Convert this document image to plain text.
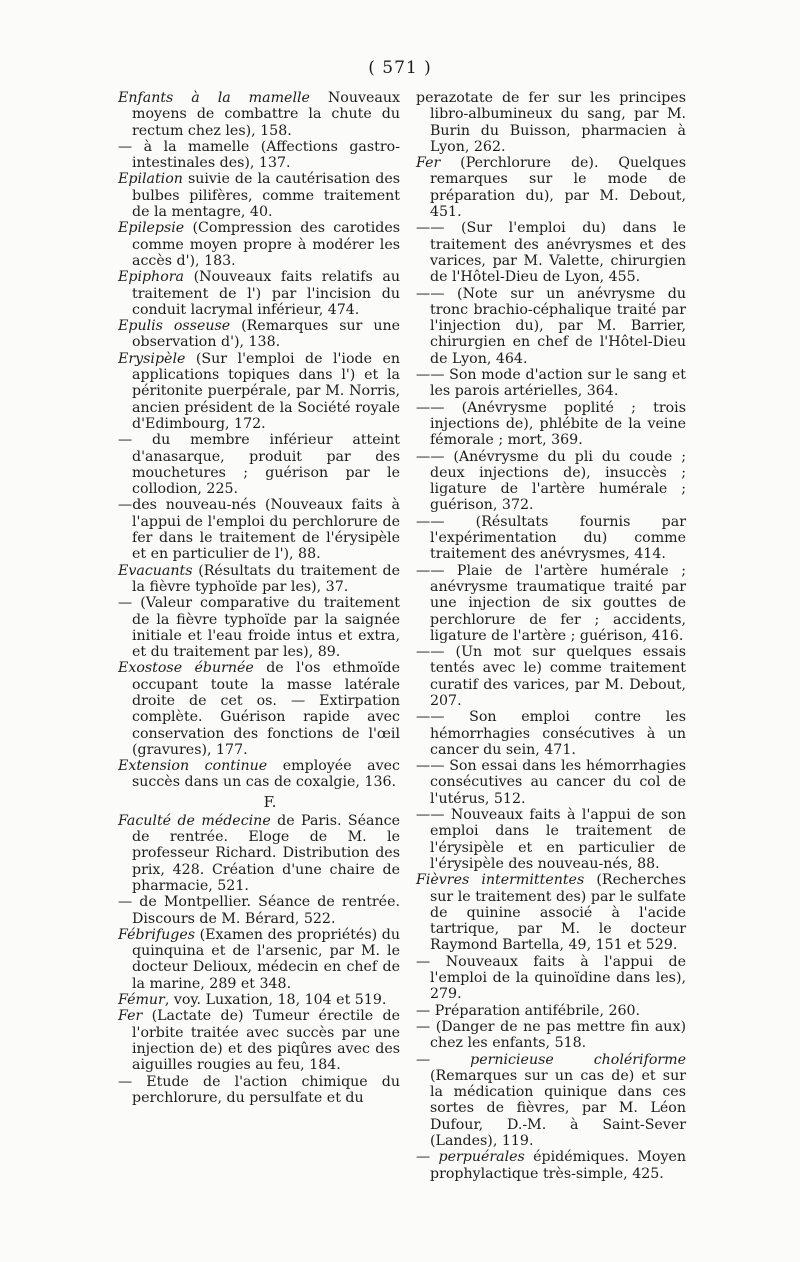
( 571 )

Enfants à la mamelle Nouveaux moyens de combattre la chute du rectum chez les), 158.

— à la mamelle (Affections gastro-intestinales des), 137.

Epilation suivie de la cautérisation des bulbes pilifères, comme traitement de la mentagre, 40.

Epilepsie (Compression des carotides comme moyen propre à modérer les accès d'), 183.

Epiphora (Nouveaux faits relatifs au traitement de l') par l'incision du conduit lacrymal inférieur, 474.

Epulis osseuse (Remarques sur une observation d'), 138.

Erysipèle (Sur l'emploi de l'iode en applications topiques dans l') et la péritonite puerpérale, par M. Norris, ancien président de la Société royale d'Edimbourg, 172.

— du membre inférieur atteint d'anasarque, produit par des mouchetures ; guérison par le collodion, 225.

—des nouveau-nés (Nouveaux faits à l'appui de l'emploi du perchlorure de fer dans le traitement de l'érysipèle et en particulier de l'), 88.

Evacuants (Résultats du traitement de la fièvre typhoïde par les), 37.

— (Valeur comparative du traitement de la fièvre typhoïde par la saignée initiale et l'eau froide intus et extra, et du traitement par les), 89.

Exostose éburnée de l'os ethmoïde occupant toute la masse latérale droite de cet os. — Extirpation complète. Guérison rapide avec conservation des fonctions de l'œil (gravures), 177.

Extension continue employée avec succès dans un cas de coxalgie, 136.

F.

Faculté de médecine de Paris. Séance de rentrée. Eloge de M. le professeur Richard. Distribution des prix, 428. Création d'une chaire de pharmacie, 521.

— de Montpellier. Séance de rentrée. Discours de M. Bérard, 522.

Fébrifuges (Examen des propriétés) du quinquina et de l'arsenic, par M. le docteur Delioux, médecin en chef de la marine, 289 et 348.

Fémur, voy. Luxation, 18, 104 et 519.

Fer (Lactate de) Tumeur érectile de l'orbite traitée avec succès par une injection de) et des piqûres avec des aiguilles rougies au feu, 184.

— Etude de l'action chimique du perchlorure, du persulfate et du

perazotate de fer sur les principes libro-albumineux du sang, par M. Burin du Buisson, pharmacien à Lyon, 262.

Fer (Perchlorure de). Quelques remarques sur le mode de préparation du), par M. Debout, 451.

—— (Sur l'emploi du) dans le traitement des anévrysmes et des varices, par M. Valette, chirurgien de l'Hôtel-Dieu de Lyon, 455.

—— (Note sur un anévrysme du tronc brachio-céphalique traité par l'injection du), par M. Barrier, chirurgien en chef de l'Hôtel-Dieu de Lyon, 464.

—— Son mode d'action sur le sang et les parois artérielles, 364.

—— (Anévrysme poplité ; trois injections de), phlébite de la veine fémorale ; mort, 369.

—— (Anévrysme du pli du coude ; deux injections de), insuccès ; ligature de l'artère humérale ; guérison, 372.

—— (Résultats fournis par l'expérimentation du) comme traitement des anévrysmes, 414.

—— Plaie de l'artère humérale ; anévrysme traumatique traité par une injection de six gouttes de perchlorure de fer ; accidents, ligature de l'artère ; guérison, 416.

—— (Un mot sur quelques essais tentés avec le) comme traitement curatif des varices, par M. Debout, 207.

—— Son emploi contre les hémorrhagies consécutives à un cancer du sein, 471.

—— Son essai dans les hémorrhagies consécutives au cancer du col de l'utérus, 512.

—— Nouveaux faits à l'appui de son emploi dans le traitement de l'érysipèle et en particulier de l'érysipèle des nouveau-nés, 88.

Fièvres intermittentes (Recherches sur le traitement des) par le sulfate de quinine associé à l'acide tartrique, par M. le docteur Raymond Bartella, 49, 151 et 529.

— Nouveaux faits à l'appui de l'emploi de la quinoïdine dans les), 279.

— Préparation antifébrile, 260.

— (Danger de ne pas mettre fin aux) chez les enfants, 518.

— pernicieuse cholériforme (Remarques sur un cas de) et sur la médication quinique dans ces sortes de fièvres, par M. Léon Dufour, D.-M. à Saint-Sever (Landes), 119.

— perpuérales épidémiques. Moyen prophylactique très-simple, 425.
